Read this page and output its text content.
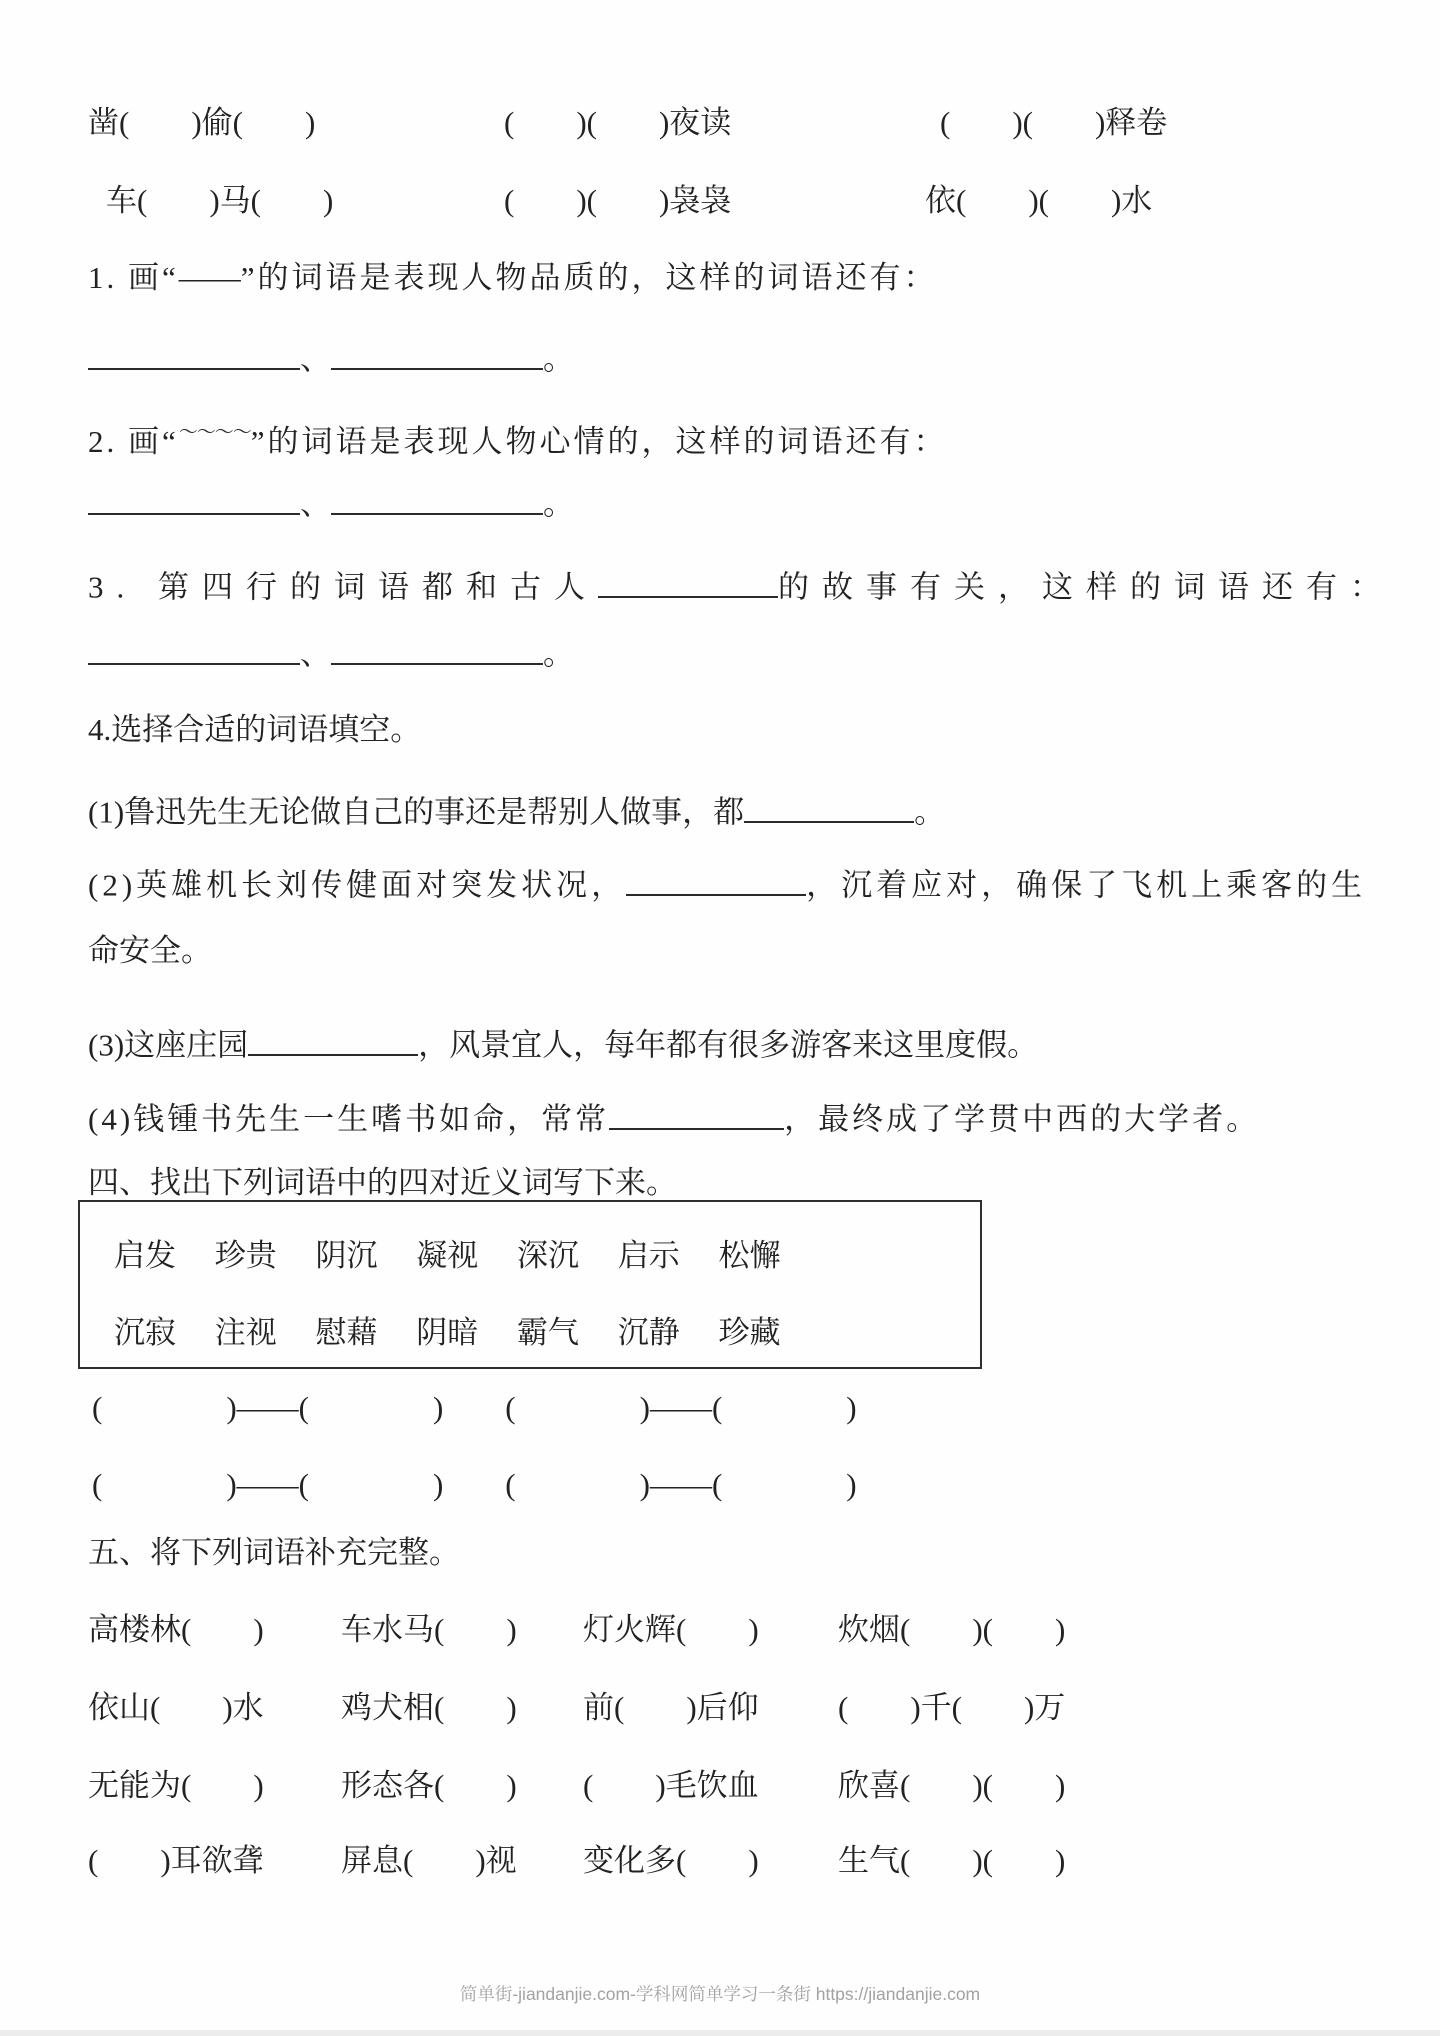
凿(　　)偷(　　)	(　　)(　　)夜读	(　　)(　　)释卷
车(　　)马(　　)	(　　)(　　)袅袅	依(　　)(　　)水
1. 画“——”的词语是表现人物品质的，这样的词语还有：
、	。
2. 画“～～～～”的词语是表现人物心情的，这样的词语还有：
、	。
3. 第四行的词语都和古人	的故事有关，这样的词语还有：
、	。
4.选择合适的词语填空。
(1)鲁迅先生无论做自己的事还是帮别人做事，都	。
(2)英雄机长刘传健面对突发状况，	，沉着应对，确保了飞机上乘客的生
命安全。
(3)这座庄园	，风景宜人，每年都有很多游客来这里度假。
(4)钱锺书先生一生嗜书如命，常常	，最终成了学贯中西的大学者。
四、找出下列词语中的四对近义词写下来。
启发　 珍贵　 阴沉　 凝视　 深沉　 启示　 松懈
沉寂　 注视　 慰藉　 阴暗　 霸气　 沉静　 珍藏
(　　　　)——(　　　　)　　(　　　　)——(　　　　)
(　　　　)——(　　　　)　　(　　　　)——(　　　　)
五、将下列词语补充完整。
高楼林(　　) 车水马(　　) 灯火辉(　　)	炊烟(　　)(　　)
依山(　　)水 鸡犬相(　　) 前(　　)后仰	(　　)千(　　)万
无能为(　　) 形态各(　　) (　　)毛饮血	欣喜(　　)(　　)
(　　)耳欲聋 屏息(　　)视 变化多(　　)	生气(　　)(　　)
简单街-jiandanjie.com-学科网简单学习一条街 https://jiandanjie.com
